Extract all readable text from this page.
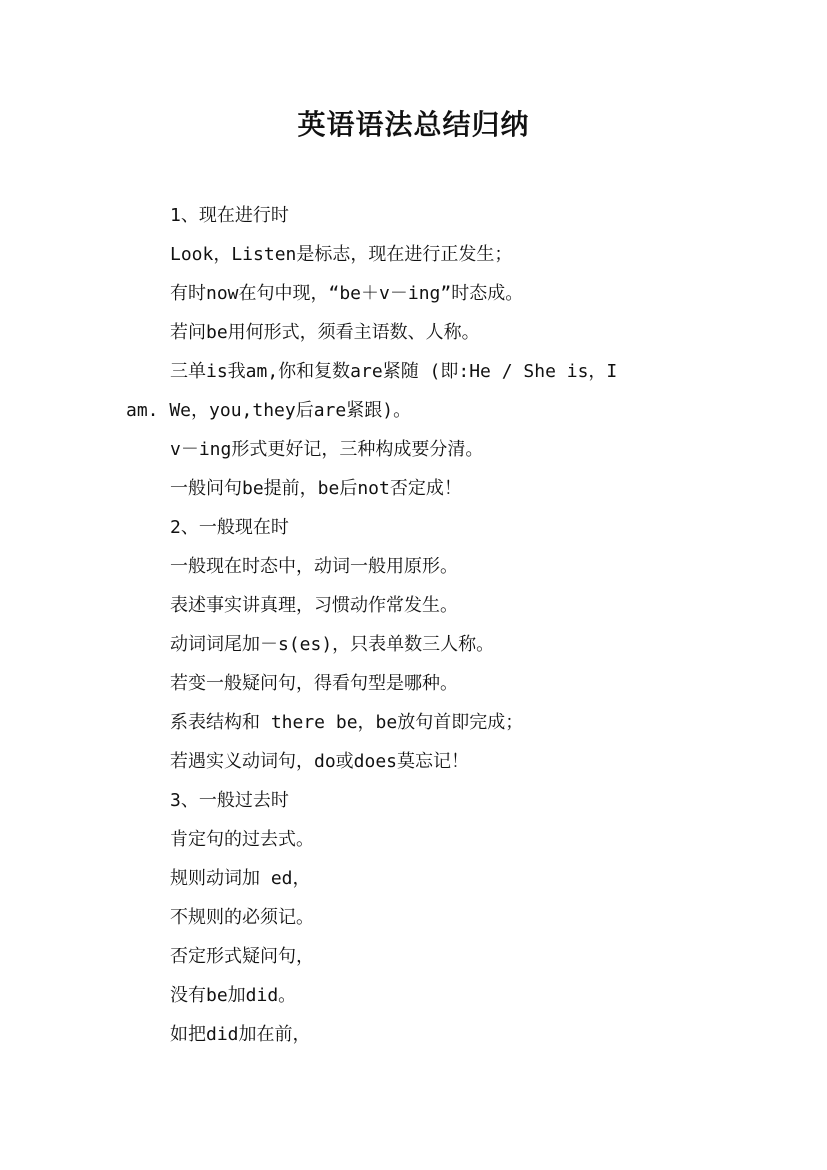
英语语法总结归纳
1、现在进行时
Look，Listen是标志，现在进行正发生；
有时now在句中现，“be＋v－ing”时态成。
若问be用何形式，须看主语数、人称。
三单is我am,你和复数are紧随 (即:He / She is，I
am. We，you,they后are紧跟)。
v－ing形式更好记，三种构成要分清。
一般问句be提前，be后not否定成！
2、一般现在时
一般现在时态中，动词一般用原形。
表述事实讲真理，习惯动作常发生。
动词词尾加－s(es)，只表单数三人称。
若变一般疑问句，得看句型是哪种。
系表结构和 there be，be放句首即完成；
若遇实义动词句，do或does莫忘记！
3、一般过去时
肯定句的过去式。
规则动词加 ed，
不规则的必须记。
否定形式疑问句，
没有be加did。
如把did加在前，
